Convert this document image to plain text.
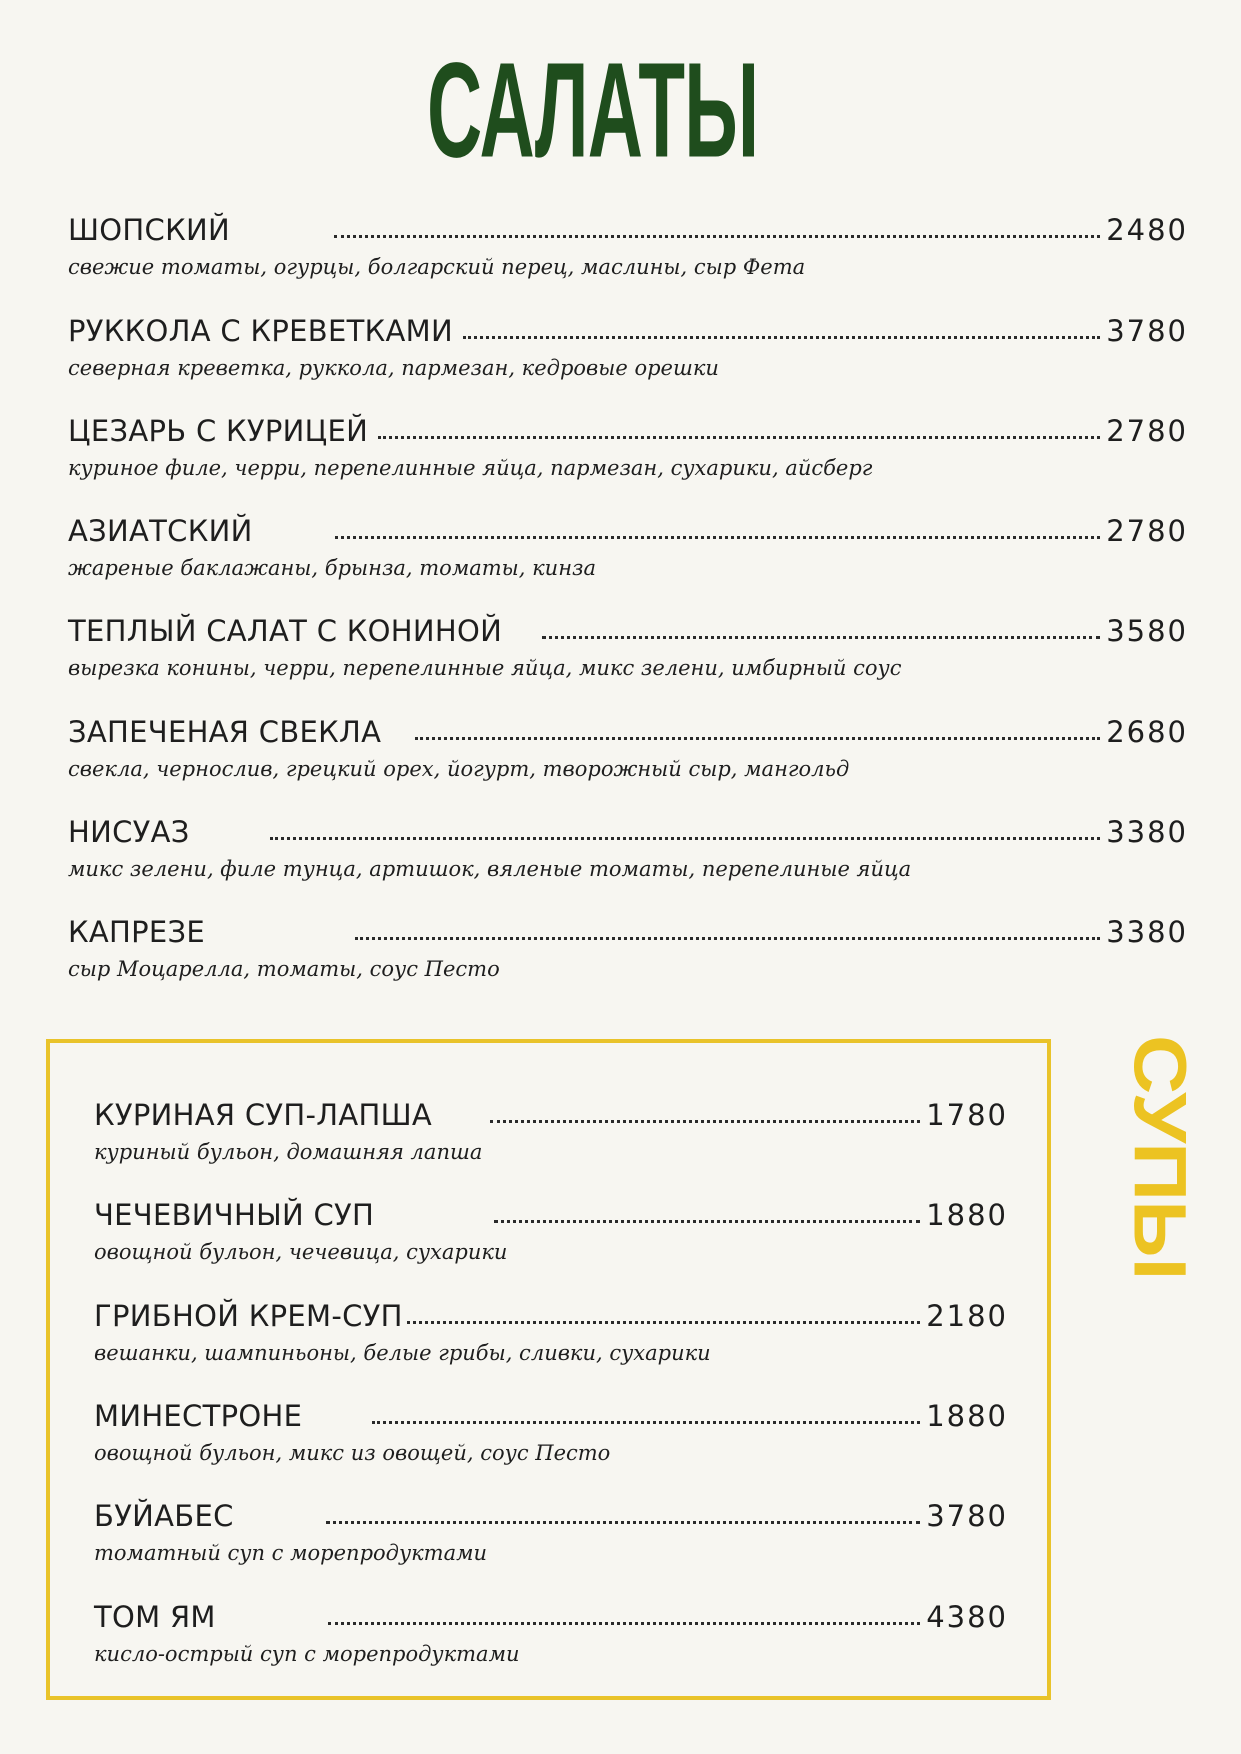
САЛАТЫ
ШОПСКИЙ	2480
свежие томаты, огурцы, болгарский перец, маслины, сыр Фета
РУККОЛА С КРЕВЕТКАМИ	3780
северная креветка, руккола, пармезан, кедровые орешки
ЦЕЗАРЬ С КУРИЦЕЙ	2780
куриное филе, черри, перепелинные яйца, пармезан, сухарики, айсберг
АЗИАТСКИЙ	2780
жареные баклажаны, брынза, томаты, кинза
ТЕПЛЫЙ САЛАТ С КОНИНОЙ	3580
вырезка конины, черри, перепелинные яйца, микс зелени, имбирный соус
ЗАПЕЧЕНАЯ СВЕКЛА	2680
свекла, чернослив, грецкий орех, йогурт, творожный сыр, мангольд
НИСУАЗ	3380
микс зелени, филе тунца, артишок, вяленые томаты, перепелиные яйца
КАПРЕЗЕ	3380
сыр Моцарелла, томаты, соус Песто
КУРИНАЯ СУП-ЛАПША	1780
куриный бульон, домашняя лапша
ЧЕЧЕВИЧНЫЙ СУП	1880
овощной бульон, чечевица, сухарики
ГРИБНОЙ КРЕМ-СУП	2180
вешанки, шампиньоны, белые грибы, сливки, сухарики
МИНЕСТРОНЕ	1880
овощной бульон, микс из овощей, соус Песто
БУЙАБЕС	3780
томатный суп с морепродуктами
ТОМ ЯМ	4380
кисло-острый суп с морепродуктами
СУПЫ
